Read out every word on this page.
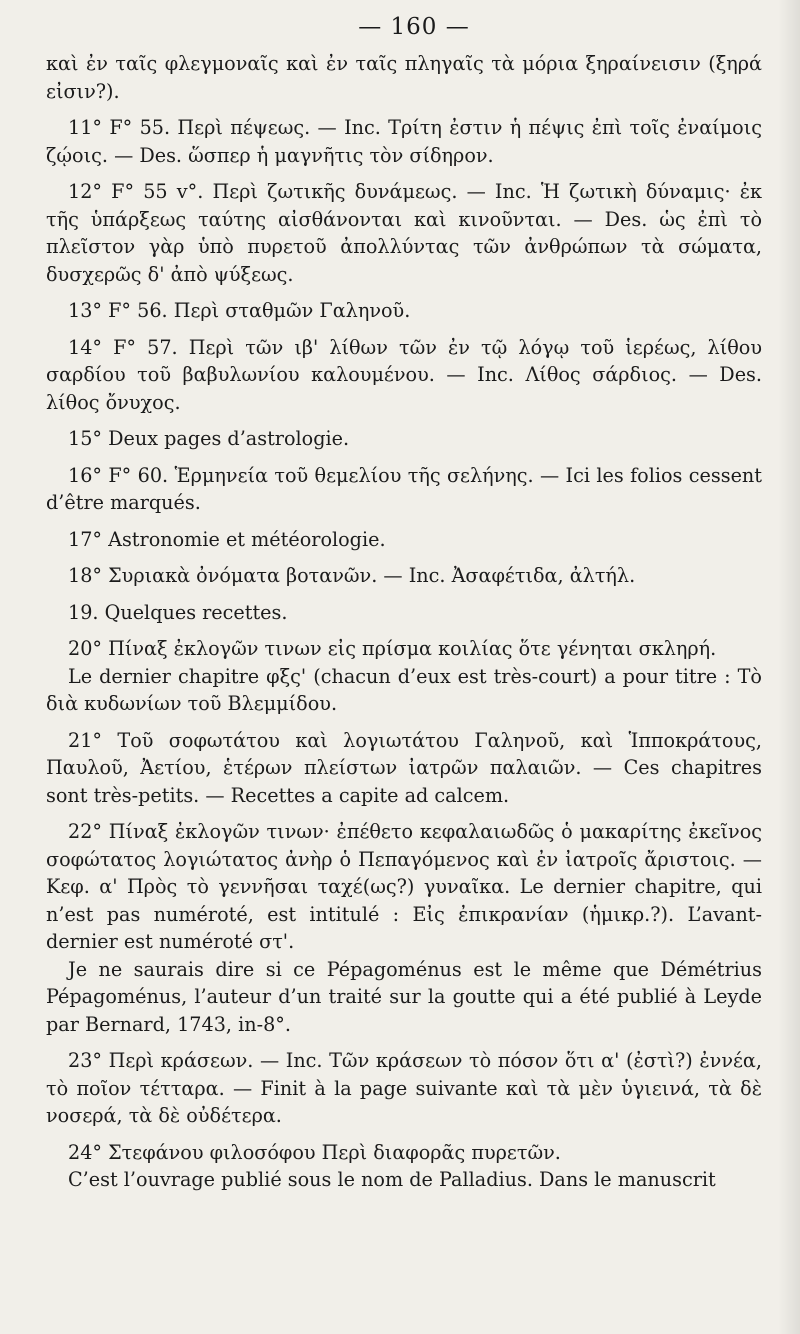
— 160 —

καὶ ἐν ταῖς φλεγμοναῖς καὶ ἐν ταῖς πληγαῖς τὰ μόρια ξηραίνεισιν (ξηρά εἰσιν?).

11° F° 55. Περὶ πέψεως. — Inc. Τρίτη ἐστιν ἡ πέψις ἐπὶ τοῖς ἐναίμοις ζῴοις. — Des. ὥσπερ ἡ μαγνῆτις τὸν σίδηρον.

12° F° 55 v°. Περὶ ζωτικῆς δυνάμεως. — Inc. Ἡ ζωτικὴ δύναμις· ἐκ τῆς ὑπάρξεως ταύτης αἰσθάνονται καὶ κινοῦνται. — Des. ὡς ἐπὶ τὸ πλεῖστον γὰρ ὑπὸ πυρετοῦ ἀπολλύντας τῶν ἀνθρώπων τὰ σώματα, δυσχερῶς δ' ἀπὸ ψύξεως.

13° F° 56. Περὶ σταθμῶν Γαληνοῦ.

14° F° 57. Περὶ τῶν ιβ' λίθων τῶν ἐν τῷ λόγῳ τοῦ ἱερέως, λίθου σαρδίου τοῦ βαβυλωνίου καλουμένου. — Inc. Λίθος σάρδιος. — Des. λίθος ὄνυχος.

15° Deux pages d’astrologie.

16° F° 60. Ἑρμηνεία τοῦ θεμελίου τῆς σελήνης. — Ici les folios cessent d’être marqués.

17° Astronomie et météorologie.

18° Συριακὰ ὀνόματα βοτανῶν. — Inc. Ἀσαφέτιδα, ἀλτήλ.

19. Quelques recettes.

20° Πίναξ ἐκλογῶν τινων εἰς πρίσμα κοιλίας ὅτε γένηται σκληρή.

Le dernier chapitre φξς' (chacun d’eux est très-court) a pour titre : Τὸ διὰ κυδωνίων τοῦ Βλεμμίδου.

21° Τοῦ σοφωτάτου καὶ λογιωτάτου Γαληνοῦ, καὶ Ἱπποκράτους, Παυλοῦ, Ἀετίου, ἑτέρων πλείστων ἰατρῶν παλαιῶν. — Ces chapitres sont très-petits. — Recettes a capite ad calcem.

22° Πίναξ ἐκλογῶν τινων· ἐπέθετο κεφαλαιωδῶς ὁ μακαρίτης ἐκεῖνος σοφώτατος λογιώτατος ἀνὴρ ὁ Πεπαγόμενος καὶ ἐν ἰατροῖς ἄριστοις. — Κεφ. α' Πρὸς τὸ γεννῆσαι ταχέ(ως?) γυναῖκα. Le dernier chapitre, qui n’est pas numéroté, est intitulé : Εἰς ἐπικρανίαν (ἡμικρ.?). L’avant-dernier est numéroté στ'.

Je ne saurais dire si ce Pépagoménus est le même que Démétrius Pépagoménus, l’auteur d’un traité sur la goutte qui a été publié à Leyde par Bernard, 1743, in-8°.

23° Περὶ κράσεων. — Inc. Τῶν κράσεων τὸ πόσον ὅτι α' (ἐστὶ?) ἐννέα, τὸ ποῖον τέτταρα. — Finit à la page suivante καὶ τὰ μὲν ὑγιεινά, τὰ δὲ νοσερά, τὰ δὲ οὐδέτερα.

24° Στεφάνου φιλοσόφου Περὶ διαφορᾶς πυρετῶν.

C’est l’ouvrage publié sous le nom de Palladius. Dans le manuscrit
